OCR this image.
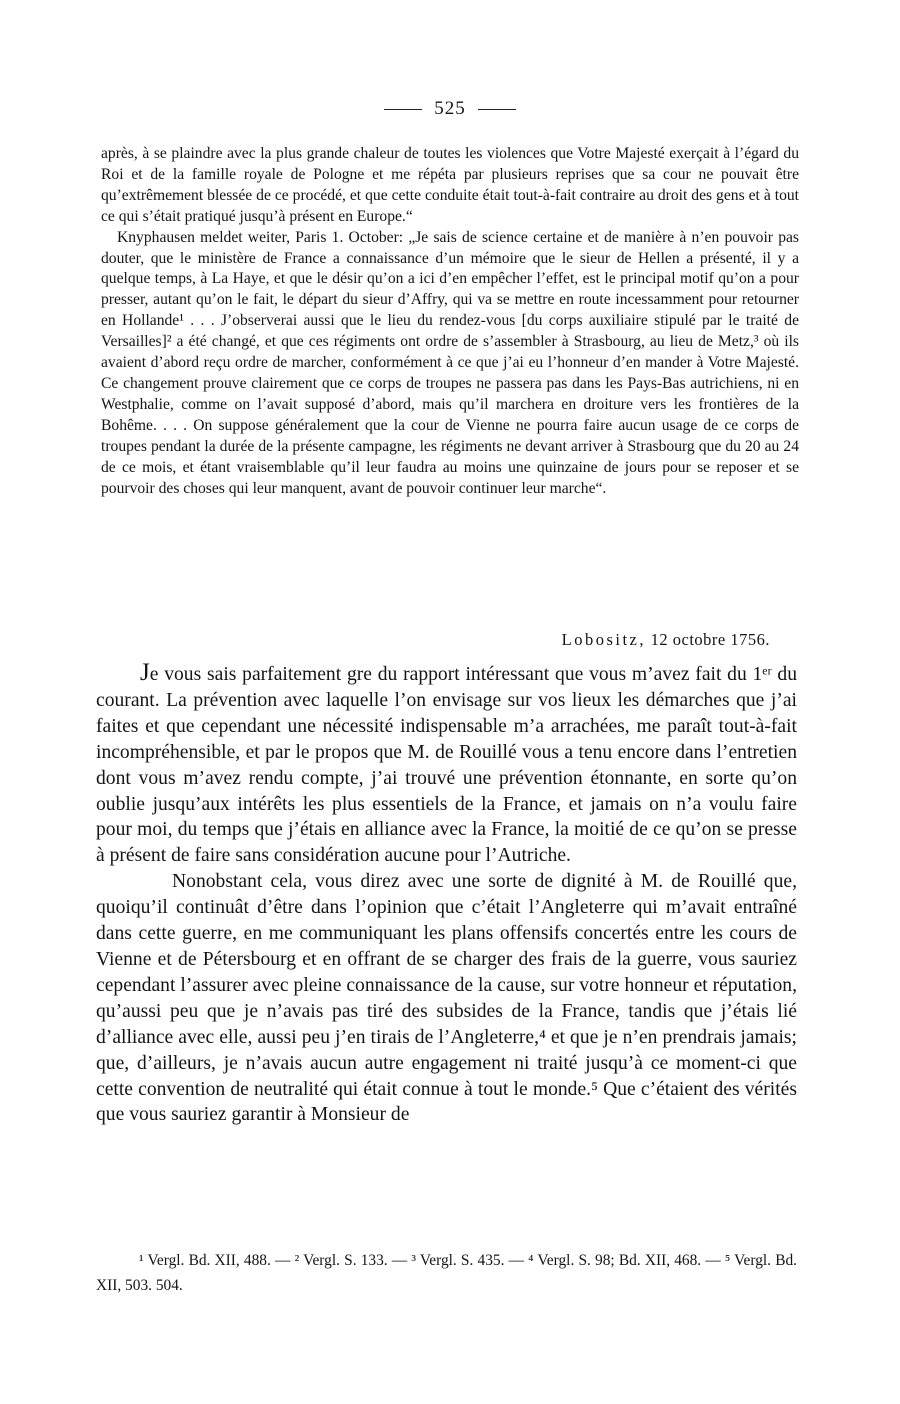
525

après, à se plaindre avec la plus grande chaleur de toutes les violences que Votre Majesté exerçait à l’égard du Roi et de la famille royale de Pologne et me répéta par plusieurs reprises que sa cour ne pouvait être qu’extrêmement blessée de ce procédé, et que cette conduite était tout-à-fait contraire au droit des gens et à tout ce qui s’était pratiqué jusqu’à présent en Europe.“

Knyphausen meldet weiter, Paris 1. October: „Je sais de science certaine et de manière à n’en pouvoir pas douter, que le ministère de France a connaissance d’un mémoire que le sieur de Hellen a présenté, il y a quelque temps, à La Haye, et que le désir qu’on a ici d’en empêcher l’effet, est le principal motif qu’on a pour presser, autant qu’on le fait, le départ du sieur d’Affry, qui va se mettre en route incessamment pour retourner en Hollande¹ . . . J’observerai aussi que le lieu du rendez-vous [du corps auxiliaire stipulé par le traité de Versailles]² a été changé, et que ces régiments ont ordre de s’assembler à Strasbourg, au lieu de Metz,³ où ils avaient d’abord reçu ordre de marcher, conformément à ce que j’ai eu l’honneur d’en mander à Votre Majesté. Ce changement prouve clairement que ce corps de troupes ne passera pas dans les Pays-Bas autrichiens, ni en Westphalie, comme on l’avait supposé d’abord, mais qu’il marchera en droiture vers les frontières de la Bohême. . . . On suppose généralement que la cour de Vienne ne pourra faire aucun usage de ce corps de troupes pendant la durée de la présente campagne, les régiments ne devant arriver à Strasbourg que du 20 au 24 de ce mois, et étant vraisemblable qu’il leur faudra au moins une quinzaine de jours pour se reposer et se pourvoir des choses qui leur manquent, avant de pouvoir continuer leur marche“.

Lobositz, 12 octobre 1756.

Je vous sais parfaitement gre du rapport intéressant que vous m’avez fait du 1ᵉʳ du courant. La prévention avec laquelle l’on envisage sur vos lieux les démarches que j’ai faites et que cependant une nécessité indispensable m’a arrachées, me paraît tout-à-fait incompréhensible, et par le propos que M. de Rouillé vous a tenu encore dans l’entretien dont vous m’avez rendu compte, j’ai trouvé une prévention étonnante, en sorte qu’on oublie jusqu’aux intérêts les plus essentiels de la France, et jamais on n’a voulu faire pour moi, du temps que j’étais en alliance avec la France, la moitié de ce qu’on se presse à présent de faire sans considération aucune pour l’Autriche.

Nonobstant cela, vous direz avec une sorte de dignité à M. de Rouillé que, quoiqu’il continuât d’être dans l’opinion que c’était l’Angleterre qui m’avait entraîné dans cette guerre, en me communiquant les plans offensifs concertés entre les cours de Vienne et de Pétersbourg et en offrant de se charger des frais de la guerre, vous sauriez cependant l’assurer avec pleine connaissance de la cause, sur votre honneur et réputation, qu’aussi peu que je n’avais pas tiré des subsides de la France, tandis que j’étais lié d’alliance avec elle, aussi peu j’en tirais de l’Angleterre,⁴ et que je n’en prendrais jamais; que, d’ailleurs, je n’avais aucun autre engagement ni traité jusqu’à ce moment-ci que cette convention de neutralité qui était connue à tout le monde.⁵ Que c’étaient des vérités que vous sauriez garantir à Monsieur de

¹ Vergl. Bd. XII, 488. — ² Vergl. S. 133. — ³ Vergl. S. 435. — ⁴ Vergl. S. 98; Bd. XII, 468. — ⁵ Vergl. Bd. XII, 503. 504.
